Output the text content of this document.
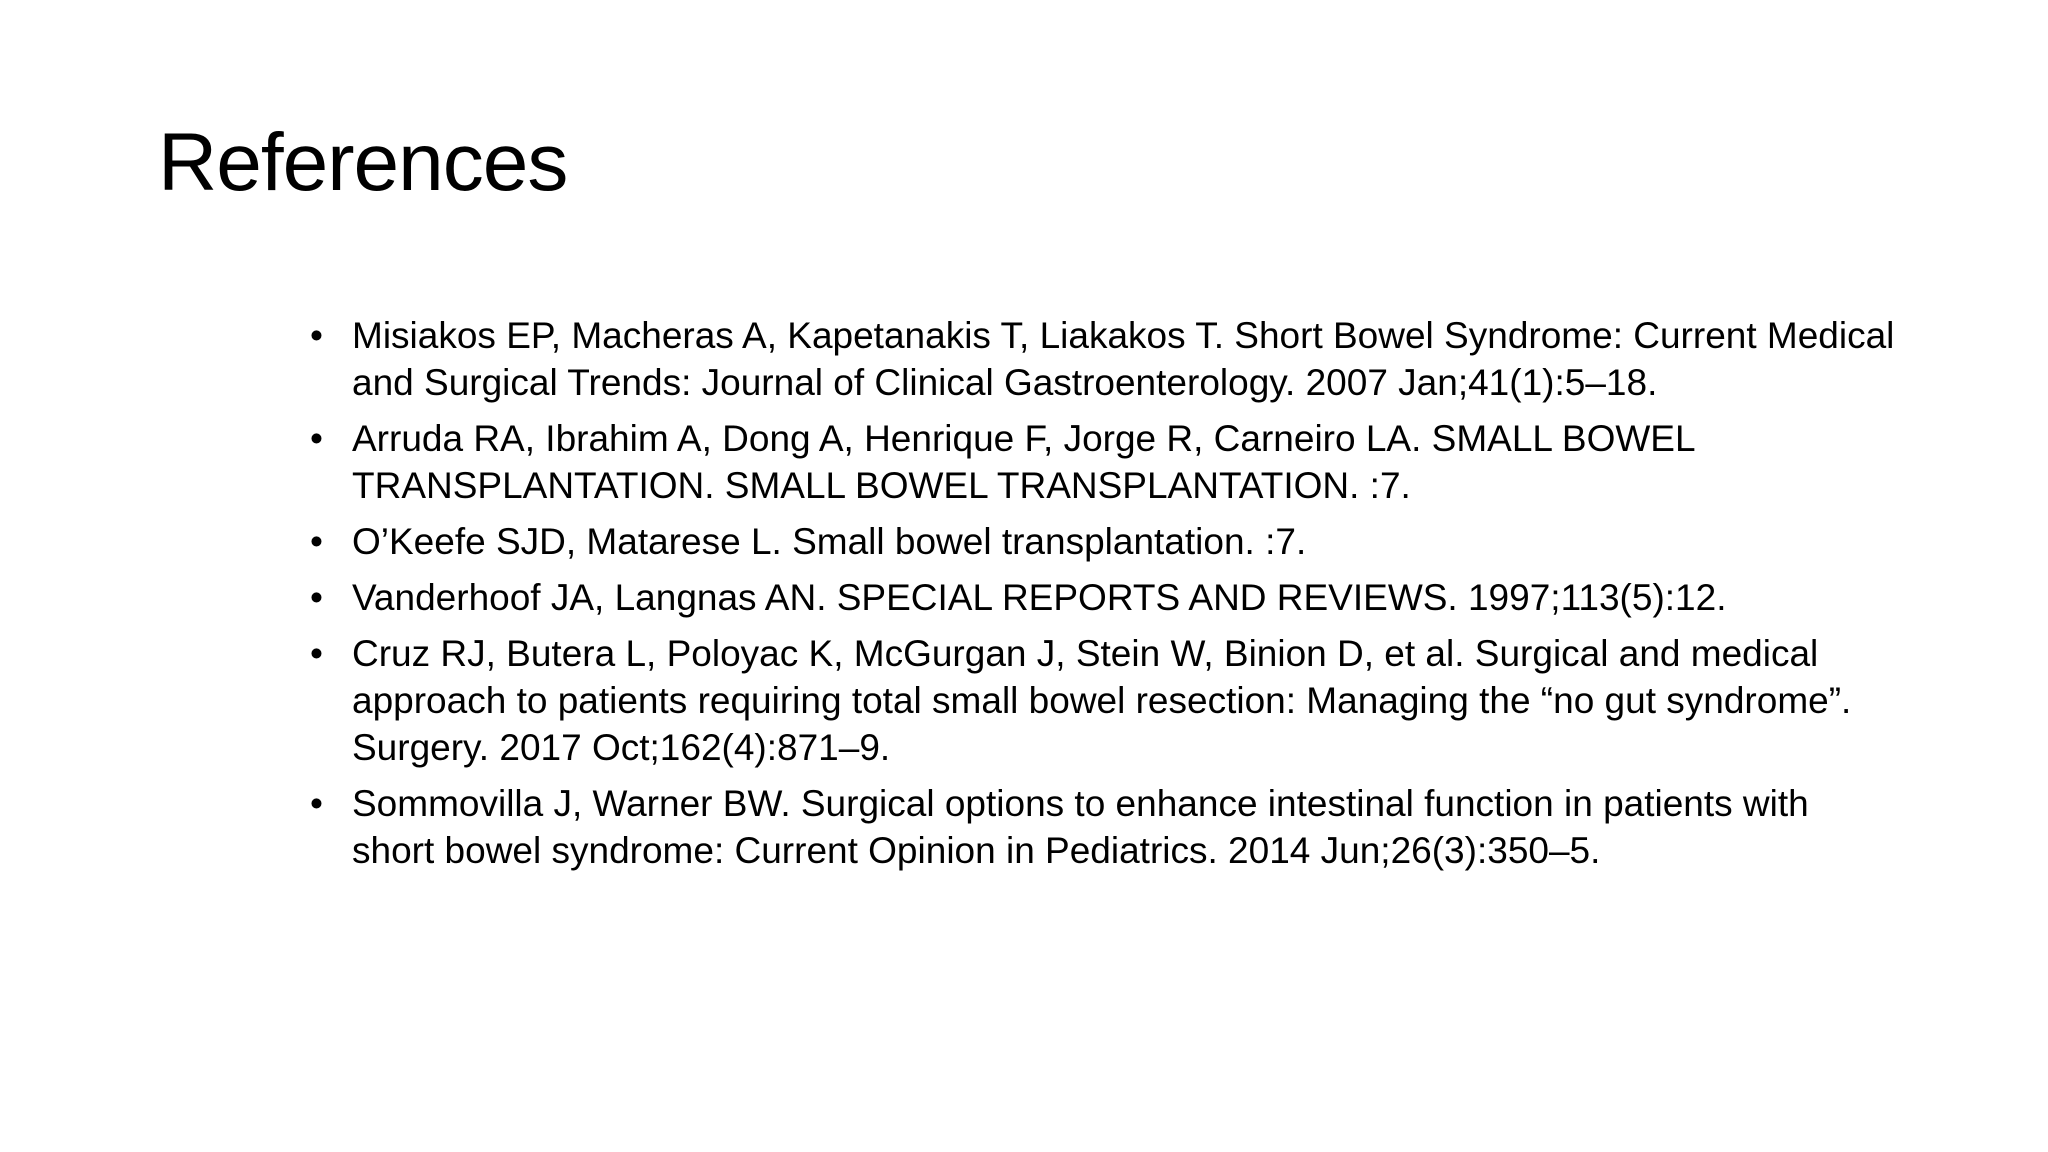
References
• Misiakos EP, Macheras A, Kapetanakis T, Liakakos T. Short Bowel Syndrome: Current Medical and Surgical Trends: Journal of Clinical Gastroenterology. 2007 Jan;41(1):5–18.
• Arruda RA, Ibrahim A, Dong A, Henrique F, Jorge R, Carneiro LA. SMALL BOWEL TRANSPLANTATION. SMALL BOWEL TRANSPLANTATION. :7.
• O’Keefe SJD, Matarese L. Small bowel transplantation. :7.
• Vanderhoof JA, Langnas AN. SPECIAL REPORTS AND REVIEWS. 1997;113(5):12.
• Cruz RJ, Butera L, Poloyac K, McGurgan J, Stein W, Binion D, et al. Surgical and medical approach to patients requiring total small bowel resection: Managing the “no gut syndrome”. Surgery. 2017 Oct;162(4):871–9.
• Sommovilla J, Warner BW. Surgical options to enhance intestinal function in patients with short bowel syndrome: Current Opinion in Pediatrics. 2014 Jun;26(3):350–5.
